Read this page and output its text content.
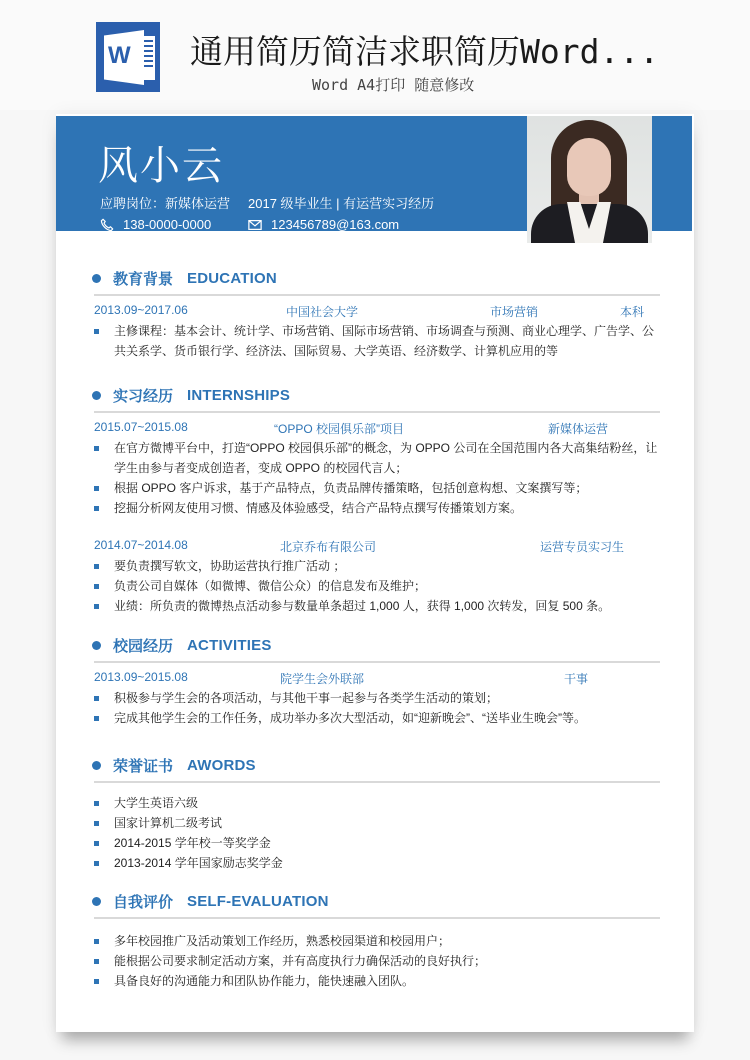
W 通用简历简洁求职简历Word...
Word A4打印 随意修改
风小云
应聘岗位：新媒体运营 2017 级毕业生 | 有运营实习经历
138-0000-0000	123456789@163.com
教育背景 EDUCATION
2013.09~2017.06	中国社会大学	市场营销	本科
主修课程：基本会计、统计学、市场营销、国际市场营销、市场调查与预测、商业心理学、广告学、公共关系学、货币银行学、经济法、国际贸易、大学英语、经济数学、计算机应用的等
实习经历 INTERNSHIPS
2015.07~2015.08	“OPPO 校园俱乐部”项目	新媒体运营
在官方微博平台中，打造“OPPO 校园俱乐部”的概念，为 OPPO 公司在全国范围内各大高集结粉丝，让学生由参与者变成创造者，变成 OPPO 的校园代言人；
根据 OPPO 客户诉求，基于产品特点，负责品牌传播策略，包括创意构想、文案撰写等；
挖掘分析网友使用习惯、情感及体验感受，结合产品特点撰写传播策划方案。
2014.07~2014.08	北京乔布有限公司	运营专员实习生
要负责撰写软文，协助运营执行推广活动 ；
负责公司自媒体（如微博、微信公众）的信息发布及维护；
业绩：所负责的微博热点活动参与数量单条超过 1,000 人，获得 1,000 次转发，回复 500 条。
校园经历 ACTIVITIES
2013.09~2015.08	院学生会外联部	干事
积极参与学生会的各项活动，与其他干事一起参与各类学生活动的策划；
完成其他学生会的工作任务，成功举办多次大型活动，如“迎新晚会”、“送毕业生晚会”等。
荣誉证书 AWORDS
大学生英语六级
国家计算机二级考试
2014-2015 学年校一等奖学金
2013-2014 学年国家励志奖学金
自我评价 SELF-EVALUATION
多年校园推广及活动策划工作经历，熟悉校园渠道和校园用户；
能根据公司要求制定活动方案，并有高度执行力确保活动的良好执行；
具备良好的沟通能力和团队协作能力，能快速融入团队。
